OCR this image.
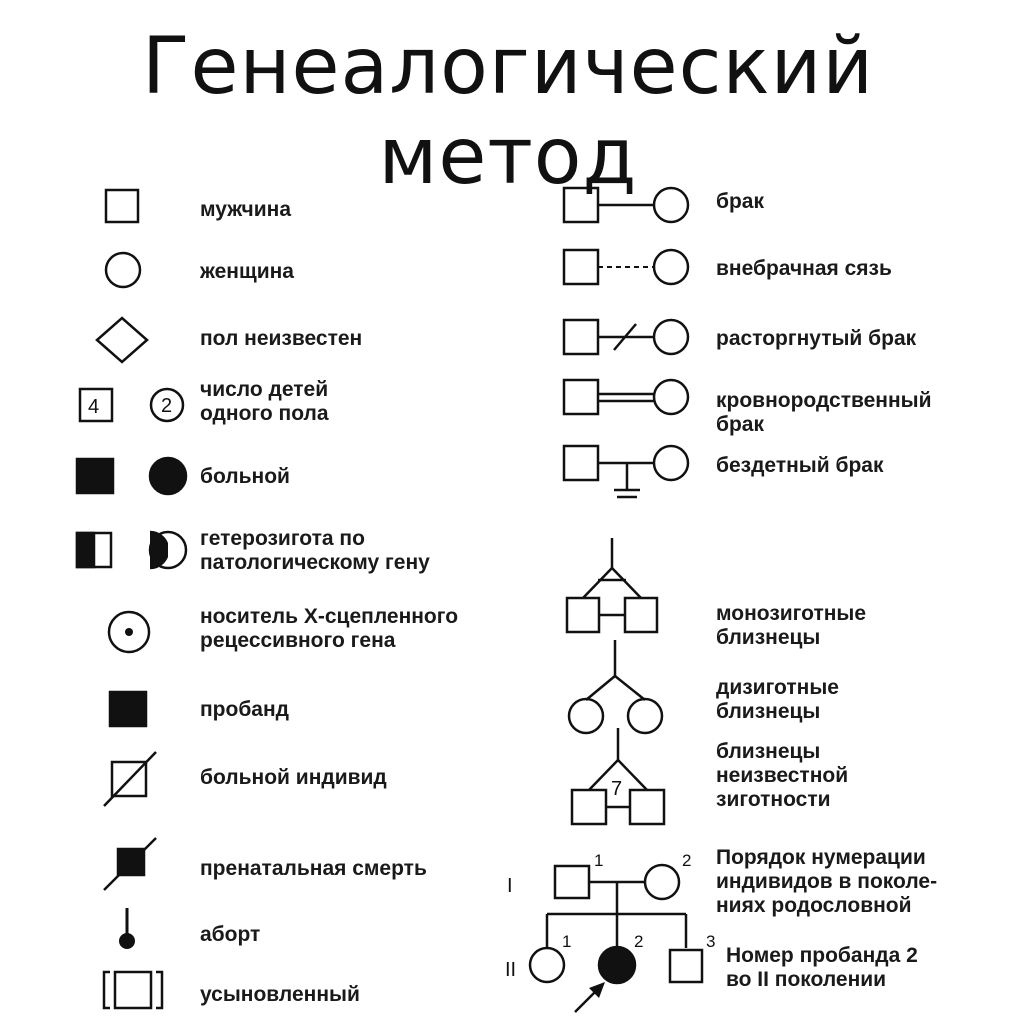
Генеалогический метод
мужчина
женщина
пол неизвестен
число детей
одного пола
больной
гетерозигота по
патологическому гену
носитель Х-сцепленного
рецессивного гена
пробанд
больной индивид
пренатальная смерть
аборт
усыновленный
брак
внебрачная сязь
расторгнутый брак
кровнородственный
брак
бездетный брак
монозиготные
близнецы
дизиготные
близнецы
близнецы
неизвестной
зиготности
Порядок нумерации
индивидов в поколе-
ниях родословной
Номер пробанда 2
во II поколении
4	2
7
I
1	2
II
1	2	3
